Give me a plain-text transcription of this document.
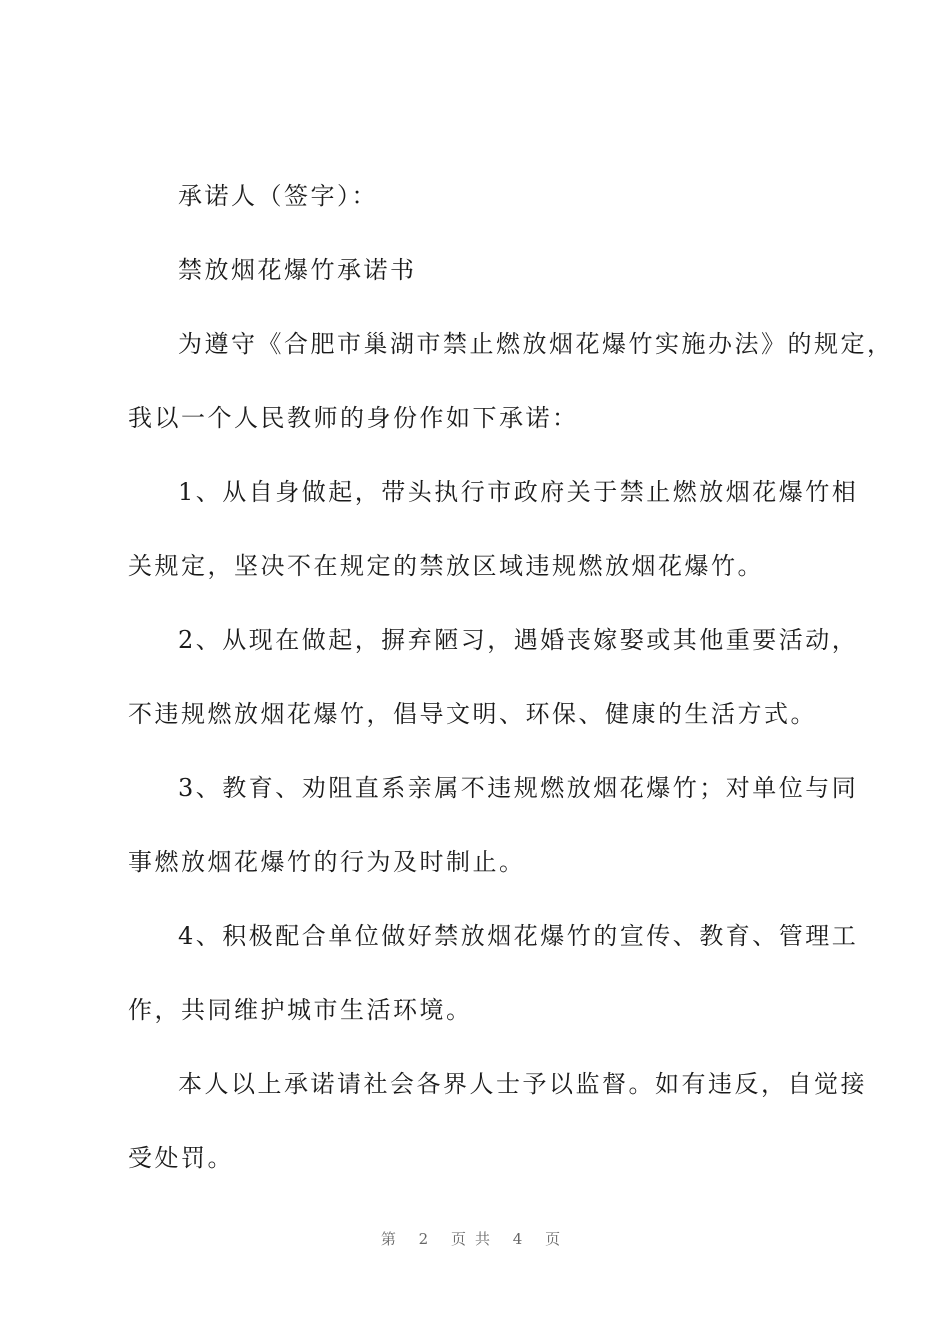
承诺人（签字）：
禁放烟花爆竹承诺书
为遵守《合肥市巢湖市禁止燃放烟花爆竹实施办法》的规定，
我以一个人民教师的身份作如下承诺：
1、从自身做起，带头执行市政府关于禁止燃放烟花爆竹相
关规定，坚决不在规定的禁放区域违规燃放烟花爆竹。
2、从现在做起，摒弃陋习，遇婚丧嫁娶或其他重要活动，
不违规燃放烟花爆竹，倡导文明、环保、健康的生活方式。
3、教育、劝阻直系亲属不违规燃放烟花爆竹；对单位与同
事燃放烟花爆竹的行为及时制止。
4、积极配合单位做好禁放烟花爆竹的宣传、教育、管理工
作，共同维护城市生活环境。
本人以上承诺请社会各界人士予以监督。如有违反，自觉接
受处罚。
第 2 页共 4 页
